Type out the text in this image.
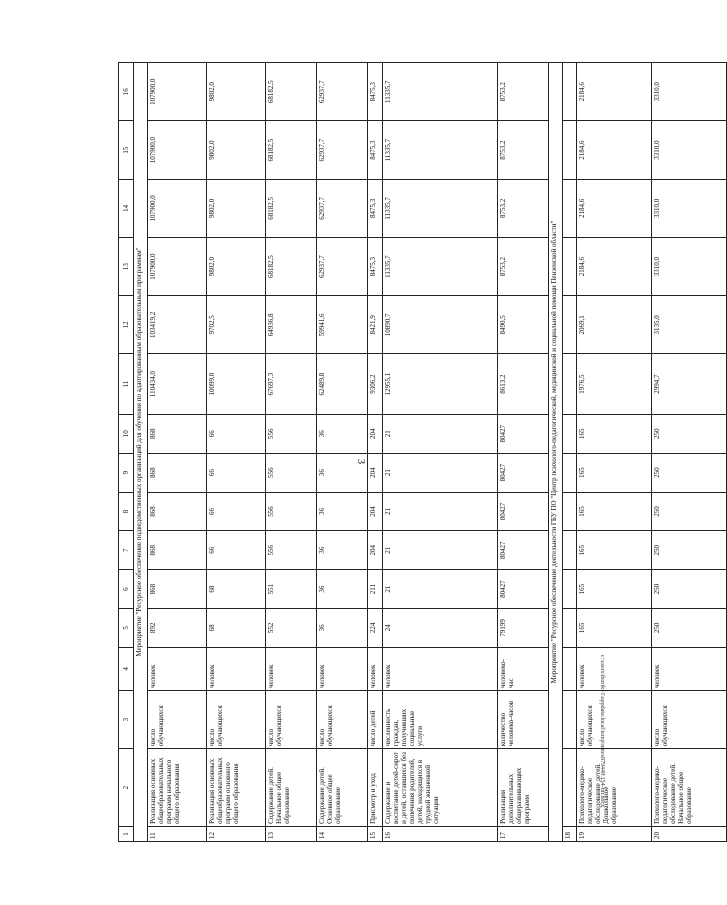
3
1	2	3	4	5	6	7	8	9	10	11	12	13	14	15	16
Мероприятие "Ресурсное обеспечение подведомственных организаций для обучения по адаптированным образовательным программам"															
11	Реализация основных общеобразовательных программ начального общего образования	число обучающихся	человек	892	868	868	868	868	868	110434,0	103419,2	107900,0	107900,0	107900,0	107900,0
12	Реализация основных общеобразовательных программ основного общего образования	число обучающихся	человек	68	68	66	66	66	66	10099,0	9702,5	9802,0	9802,0	9802,0	9802,0
13	Содержание детей. Начальное общее образование	число обучающихся	человек	552	551	556	556	556	556	67697,3	64936,8	68182,5	68182,5	68182,5	68182,5
14	Содержание детей. Основное общее образование	число обучающихся	человек	36	36	36	36	36	36	62489,8	59941,6	62937,7	62937,7	62937,7	62937,7
15	Присмотр и уход	число детей	человек	224	211	204	204	204	204	9306,2	8421,9	8475,3	8475,3	8475,3	8475,3
16	Содержание и воспитание детей-сирот и детей, оставшихся без попечения родителей, детей, находящихся в трудной жизненной ситуации	численность граждан, получивших социальные услуги	человек	24	21	21	21	21	21	12955,1	10890,7	11335,7	11335,7	11335,7	11335,7
17	Реализация дополнительных общеразвивающих программ	количество человеко-часов	человеко-час	79199	80427	80427	80427	80427	80427	8613,2	8490,5	8753,2	8753,2	8753,2	8753,2
Мероприятие "Ресурсное обеспечение деятельности ГБУ ПО "Центр психолого-педагогической, медицинской и социальной помощи Пензенской области"															
18															
19	Психолого-медико-педагогическое обследование детей. Дошкольное образование	число обучающихся	человек	165	165	165	165	165	165	1976,5	2069,1	2184,6	2184,6	2184,6	2184,6
20	Психолого-медико-педагогическое обследование детей. Начальное общее образование	число обучающихся	человек	250	250	250	250	250	250	2994,7	3135,0	3310,0	3310,0	3310,0	3310,0
c:\users\iborik~1\appdata\local\temp\notes879448\154-пп.docx
